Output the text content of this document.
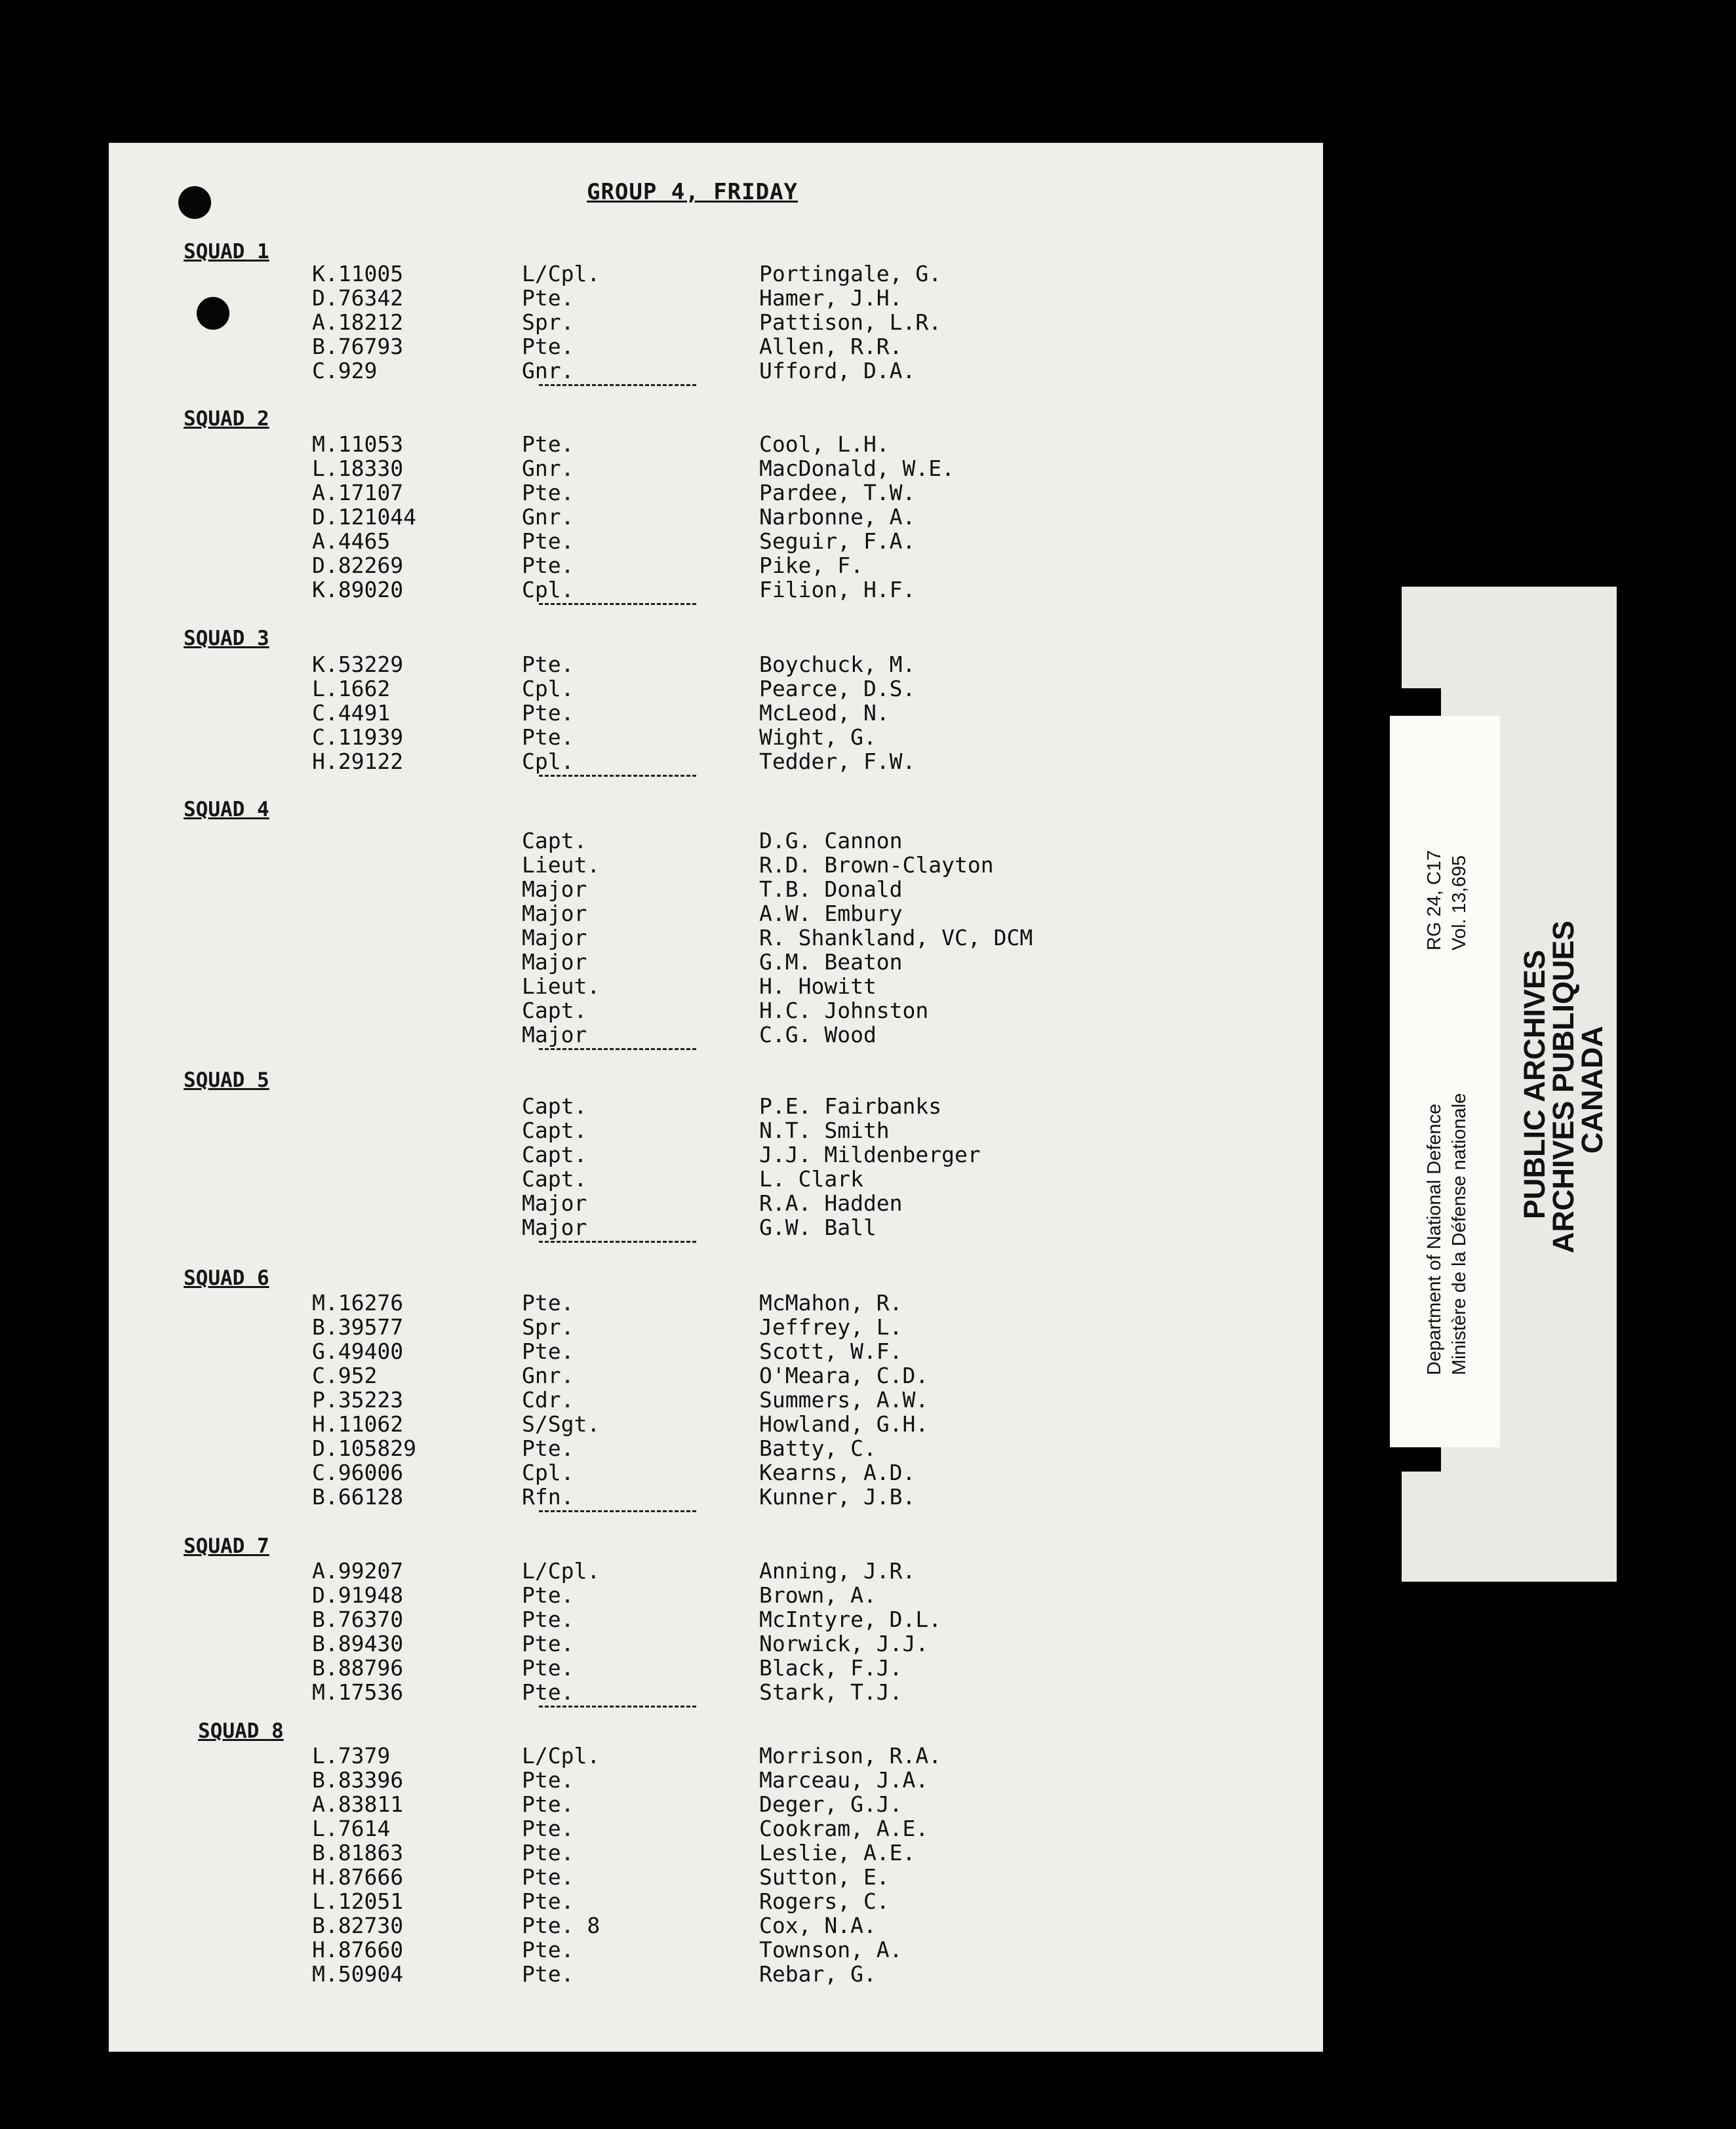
GROUP 4, FRIDAY
SQUAD 1
K.11005	L/Cpl.	Portingale, G.
D.76342	Pte.	Hamer, J.H.
A.18212	Spr.	Pattison, L.R.
B.76793	Pte.	Allen, R.R.
C.929	Gnr.	Ufford, D.A.
SQUAD 2
M.11053	Pte.	Cool, L.H.
L.18330	Gnr.	MacDonald, W.E.
A.17107	Pte.	Pardee, T.W.
D.121044	Gnr.	Narbonne, A.
A.4465	Pte.	Seguir, F.A.
D.82269	Pte.	Pike, F.
K.89020	Cpl.	Filion, H.F.
SQUAD 3
K.53229	Pte.	Boychuck, M.
L.1662	Cpl.	Pearce, D.S.
C.4491	Pte.	McLeod, N.
C.11939	Pte.	Wight, G.
H.29122	Cpl.	Tedder, F.W.
SQUAD 4
Capt.	D.G. Cannon
Lieut.	R.D. Brown-Clayton
Major	T.B. Donald
Major	A.W. Embury
Major	R. Shankland, VC, DCM
Major	G.M. Beaton
Lieut.	H. Howitt
Capt.	H.C. Johnston
Major	C.G. Wood
SQUAD 5
Capt.	P.E. Fairbanks
Capt.	N.T. Smith
Capt.	J.J. Mildenberger
Capt.	L. Clark
Major	R.A. Hadden
Major	G.W. Ball
SQUAD 6
M.16276	Pte.	McMahon, R.
B.39577	Spr.	Jeffrey, L.
G.49400	Pte.	Scott, W.F.
C.952	Gnr.	O'Meara, C.D.
P.35223	Cdr.	Summers, A.W.
H.11062	S/Sgt.	Howland, G.H.
D.105829	Pte.	Batty, C.
C.96006	Cpl.	Kearns, A.D.
B.66128	Rfn.	Kunner, J.B.
SQUAD 7
A.99207	L/Cpl.	Anning, J.R.
D.91948	Pte.	Brown, A.
B.76370	Pte.	McIntyre, D.L.
B.89430	Pte.	Norwick, J.J.
B.88796	Pte.	Black, F.J.
M.17536	Pte.	Stark, T.J.
SQUAD 8
L.7379	L/Cpl.	Morrison, R.A.
B.83396	Pte.	Marceau, J.A.
A.83811	Pte.	Deger, G.J.
L.7614	Pte.	Cookram, A.E.
B.81863	Pte.	Leslie, A.E.
H.87666	Pte.	Sutton, E.
L.12051	Pte.	Rogers, C.
B.82730	Pte. 8	Cox, N.A.
H.87660	Pte.	Townson, A.
M.50904	Pte.	Rebar, G.
Department of National Defence Ministère de la Défense nationale
RG 24, C17 Vol. 13,695
PUBLIC ARCHIVES
ARCHIVES PUBLIQUES
CANADA
